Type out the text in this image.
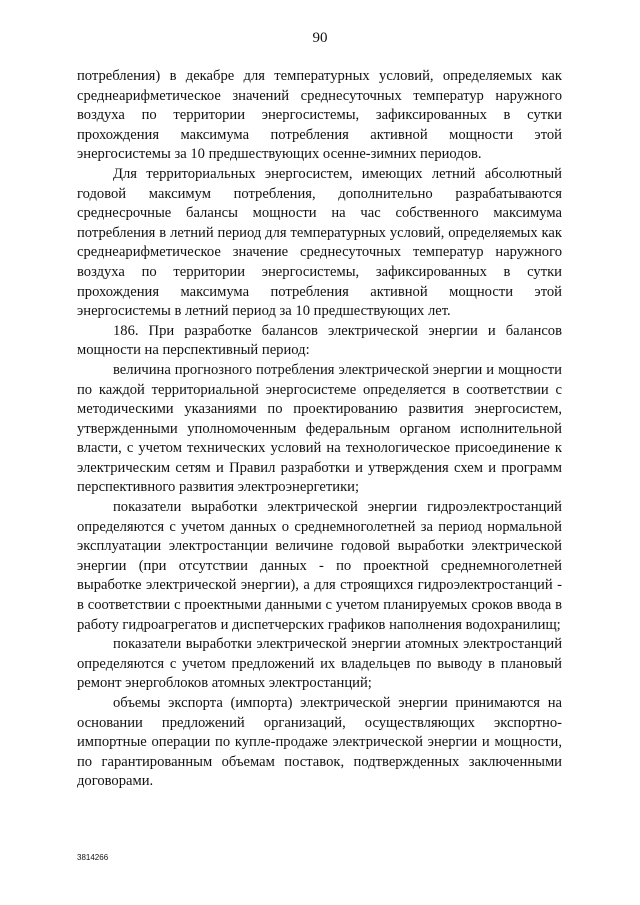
90

потребления) в декабре для температурных условий, определяемых как среднеарифметическое значений среднесуточных температур наружного воздуха по территории энергосистемы, зафиксированных в сутки прохождения максимума потребления активной мощности этой энергосистемы за 10 предшествующих осенне-зимних периодов.

Для территориальных энергосистем, имеющих летний абсолютный годовой максимум потребления, дополнительно разрабатываются среднесрочные балансы мощности на час собственного максимума потребления в летний период для температурных условий, определяемых как среднеарифметическое значение среднесуточных температур наружного воздуха по территории энергосистемы, зафиксированных в сутки прохождения максимума потребления активной мощности этой энергосистемы в летний период за 10 предшествующих лет.

186. При разработке балансов электрической энергии и балансов мощности на перспективный период:

величина прогнозного потребления электрической энергии и мощности по каждой территориальной энергосистеме определяется в соответствии с методическими указаниями по проектированию развития энергосистем, утвержденными уполномоченным федеральным органом исполнительной власти, с учетом технических условий на технологическое присоединение к электрическим сетям и Правил разработки и утверждения схем и программ перспективного развития электроэнергетики;

показатели выработки электрической энергии гидроэлектростанций определяются с учетом данных о среднемноголетней за период нормальной эксплуатации электростанции величине годовой выработки электрической энергии (при отсутствии данных - по проектной среднемноголетней выработке электрической энергии), а для строящихся гидроэлектростанций - в соответствии с проектными данными с учетом планируемых сроков ввода в работу гидроагрегатов и диспетчерских графиков наполнения водохранилищ;

показатели выработки электрической энергии атомных электростанций определяются с учетом предложений их владельцев по выводу в плановый ремонт энергоблоков атомных электростанций;

объемы экспорта (импорта) электрической энергии принимаются на основании предложений организаций, осуществляющих экспортно-импортные операции по купле-продаже электрической энергии и мощности, по гарантированным объемам поставок, подтвержденных заключенными договорами.

3814266
